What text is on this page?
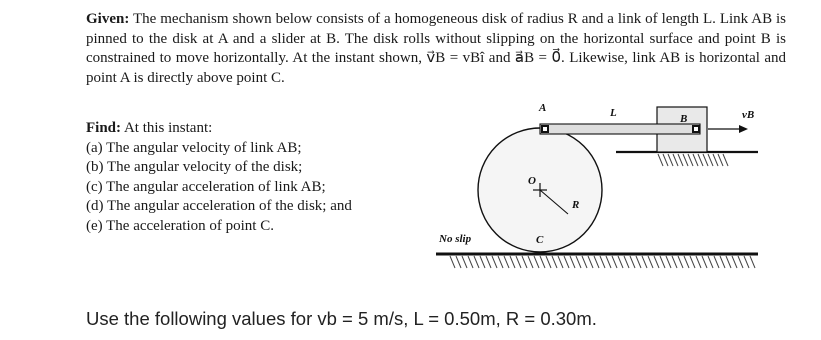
Given: The mechanism shown below consists of a homogeneous disk of radius R and a link of length L. Link AB is pinned to the disk at A and a slider at B. The disk rolls without slipping on the horizontal surface and point B is constrained to move horizontally. At the instant shown, v⃗B = vBî and a⃗B = 0⃗. Likewise, link AB is horizontal and point A is directly above point C.
Find: At this instant:
(a) The angular velocity of link AB;
(b) The angular velocity of the disk;
(c) The angular acceleration of link AB;
(d) The angular acceleration of the disk; and
(e) The acceleration of point C.
A	L	B	vB
O
R
C
No slip
Use the following values for vb = 5 m/s, L = 0.50m, R = 0.30m.
